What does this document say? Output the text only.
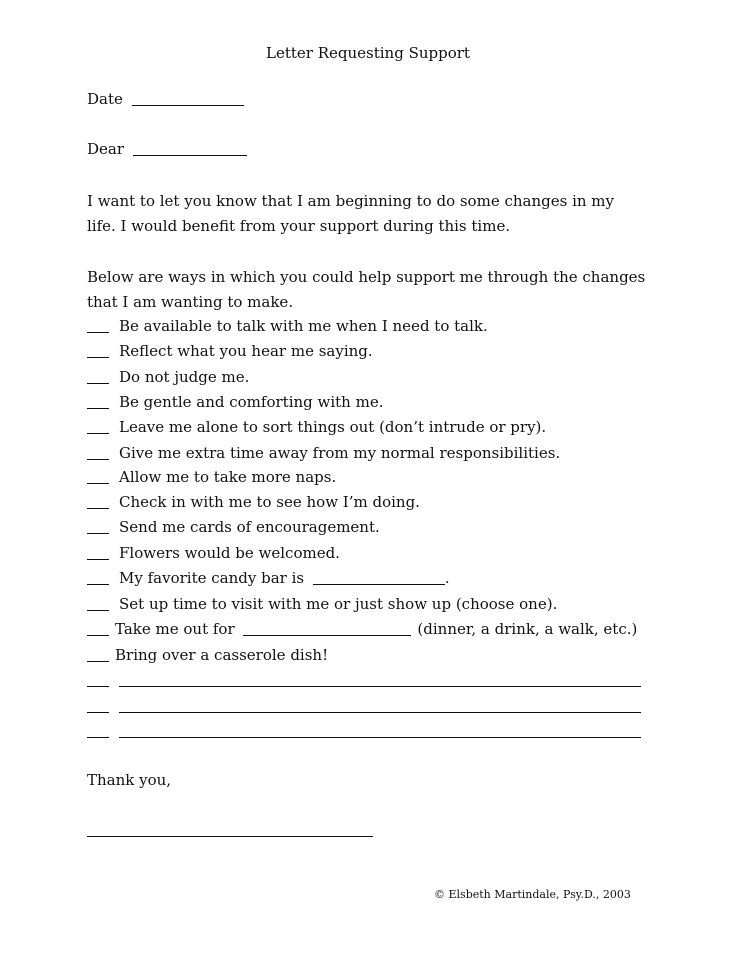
Letter Requesting Support
Date
Dear
I want to let you know that I am beginning to do some changes in my life. I would benefit from your support during this time.
Below are ways in which you could help support me through the changes that I am wanting to make.
Be available to talk with me when I need to talk.
Reflect what you hear me saying.
Do not judge me.
Be gentle and comforting with me.
Leave me alone to sort things out (don’t intrude or pry).
Give me extra time away from my normal responsibilities.
Allow me to take more naps.
Check in with me to see how I’m doing.
Send me cards of encouragement.
Flowers would be welcomed.
My favorite candy bar is	.
Set up time to visit with me or just show up (choose one).
Take me out for	(dinner, a drink, a walk, etc.)
Bring over a casserole dish!
Thank you,
© Elsbeth Martindale, Psy.D., 2003
